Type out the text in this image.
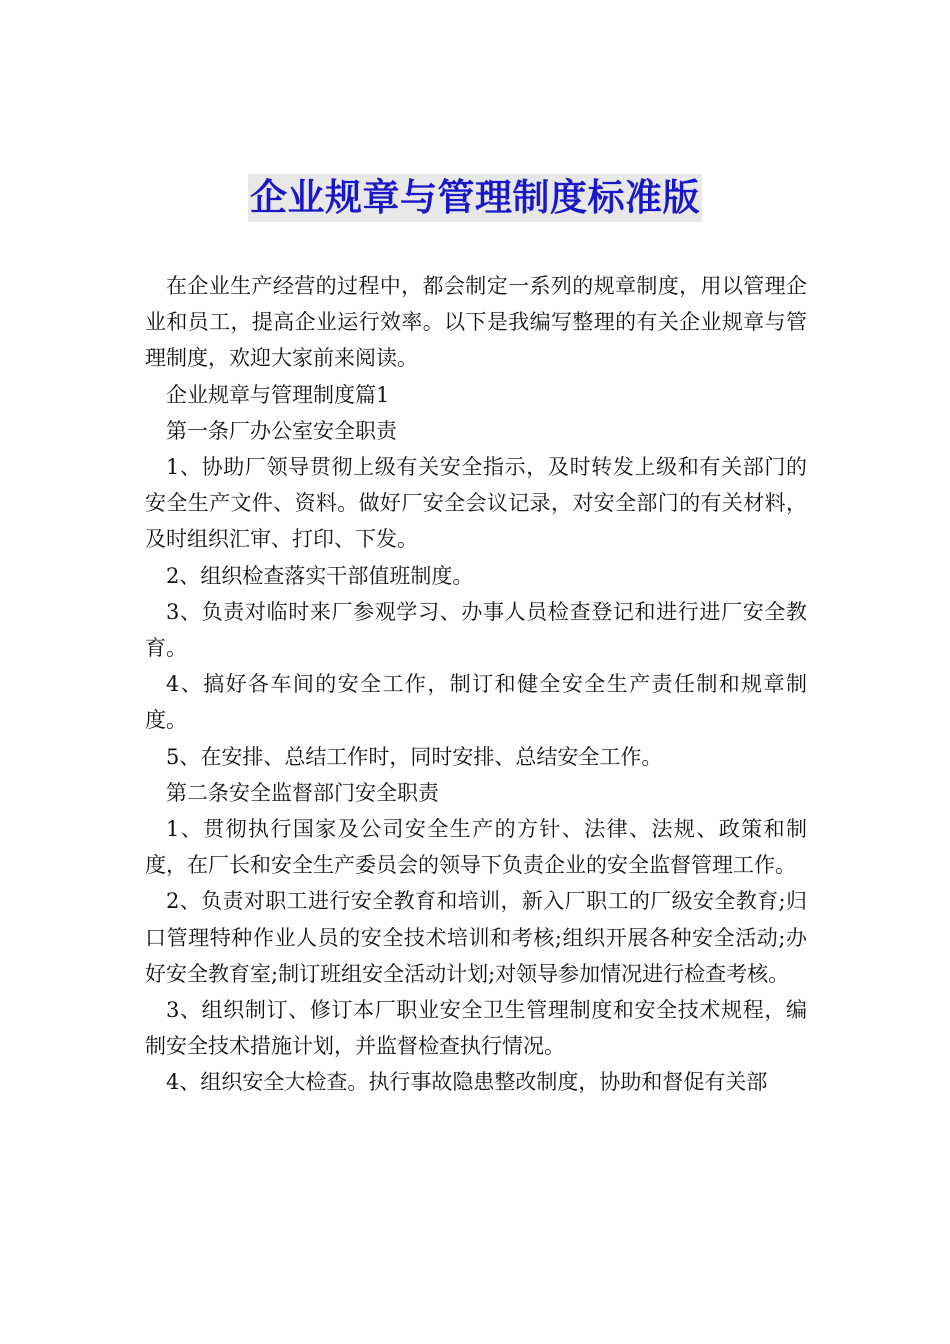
企业规章与管理制度标准版

在企业生产经营的过程中，都会制定一系列的规章制度，用以管理企业和员工，提高企业运行效率。以下是我编写整理的有关企业规章与管理制度，欢迎大家前来阅读。

企业规章与管理制度篇1

第一条厂办公室安全职责

1、协助厂领导贯彻上级有关安全指示，及时转发上级和有关部门的安全生产文件、资料。做好厂安全会议记录，对安全部门的有关材料，及时组织汇审、打印、下发。

2、组织检查落实干部值班制度。

3、负责对临时来厂参观学习、办事人员检查登记和进行进厂安全教育。

4、搞好各车间的安全工作，制订和健全安全生产责任制和规章制度。

5、在安排、总结工作时，同时安排、总结安全工作。

第二条安全监督部门安全职责

1、贯彻执行国家及公司安全生产的方针、法律、法规、政策和制度，在厂长和安全生产委员会的领导下负责企业的安全监督管理工作。

2、负责对职工进行安全教育和培训，新入厂职工的厂级安全教育;归口管理特种作业人员的安全技术培训和考核;组织开展各种安全活动;办好安全教育室;制订班组安全活动计划;对领导参加情况进行检查考核。

3、组织制订、修订本厂职业安全卫生管理制度和安全技术规程，编制安全技术措施计划，并监督检查执行情况。

4、组织安全大检查。执行事故隐患整改制度，协助和督促有关部
